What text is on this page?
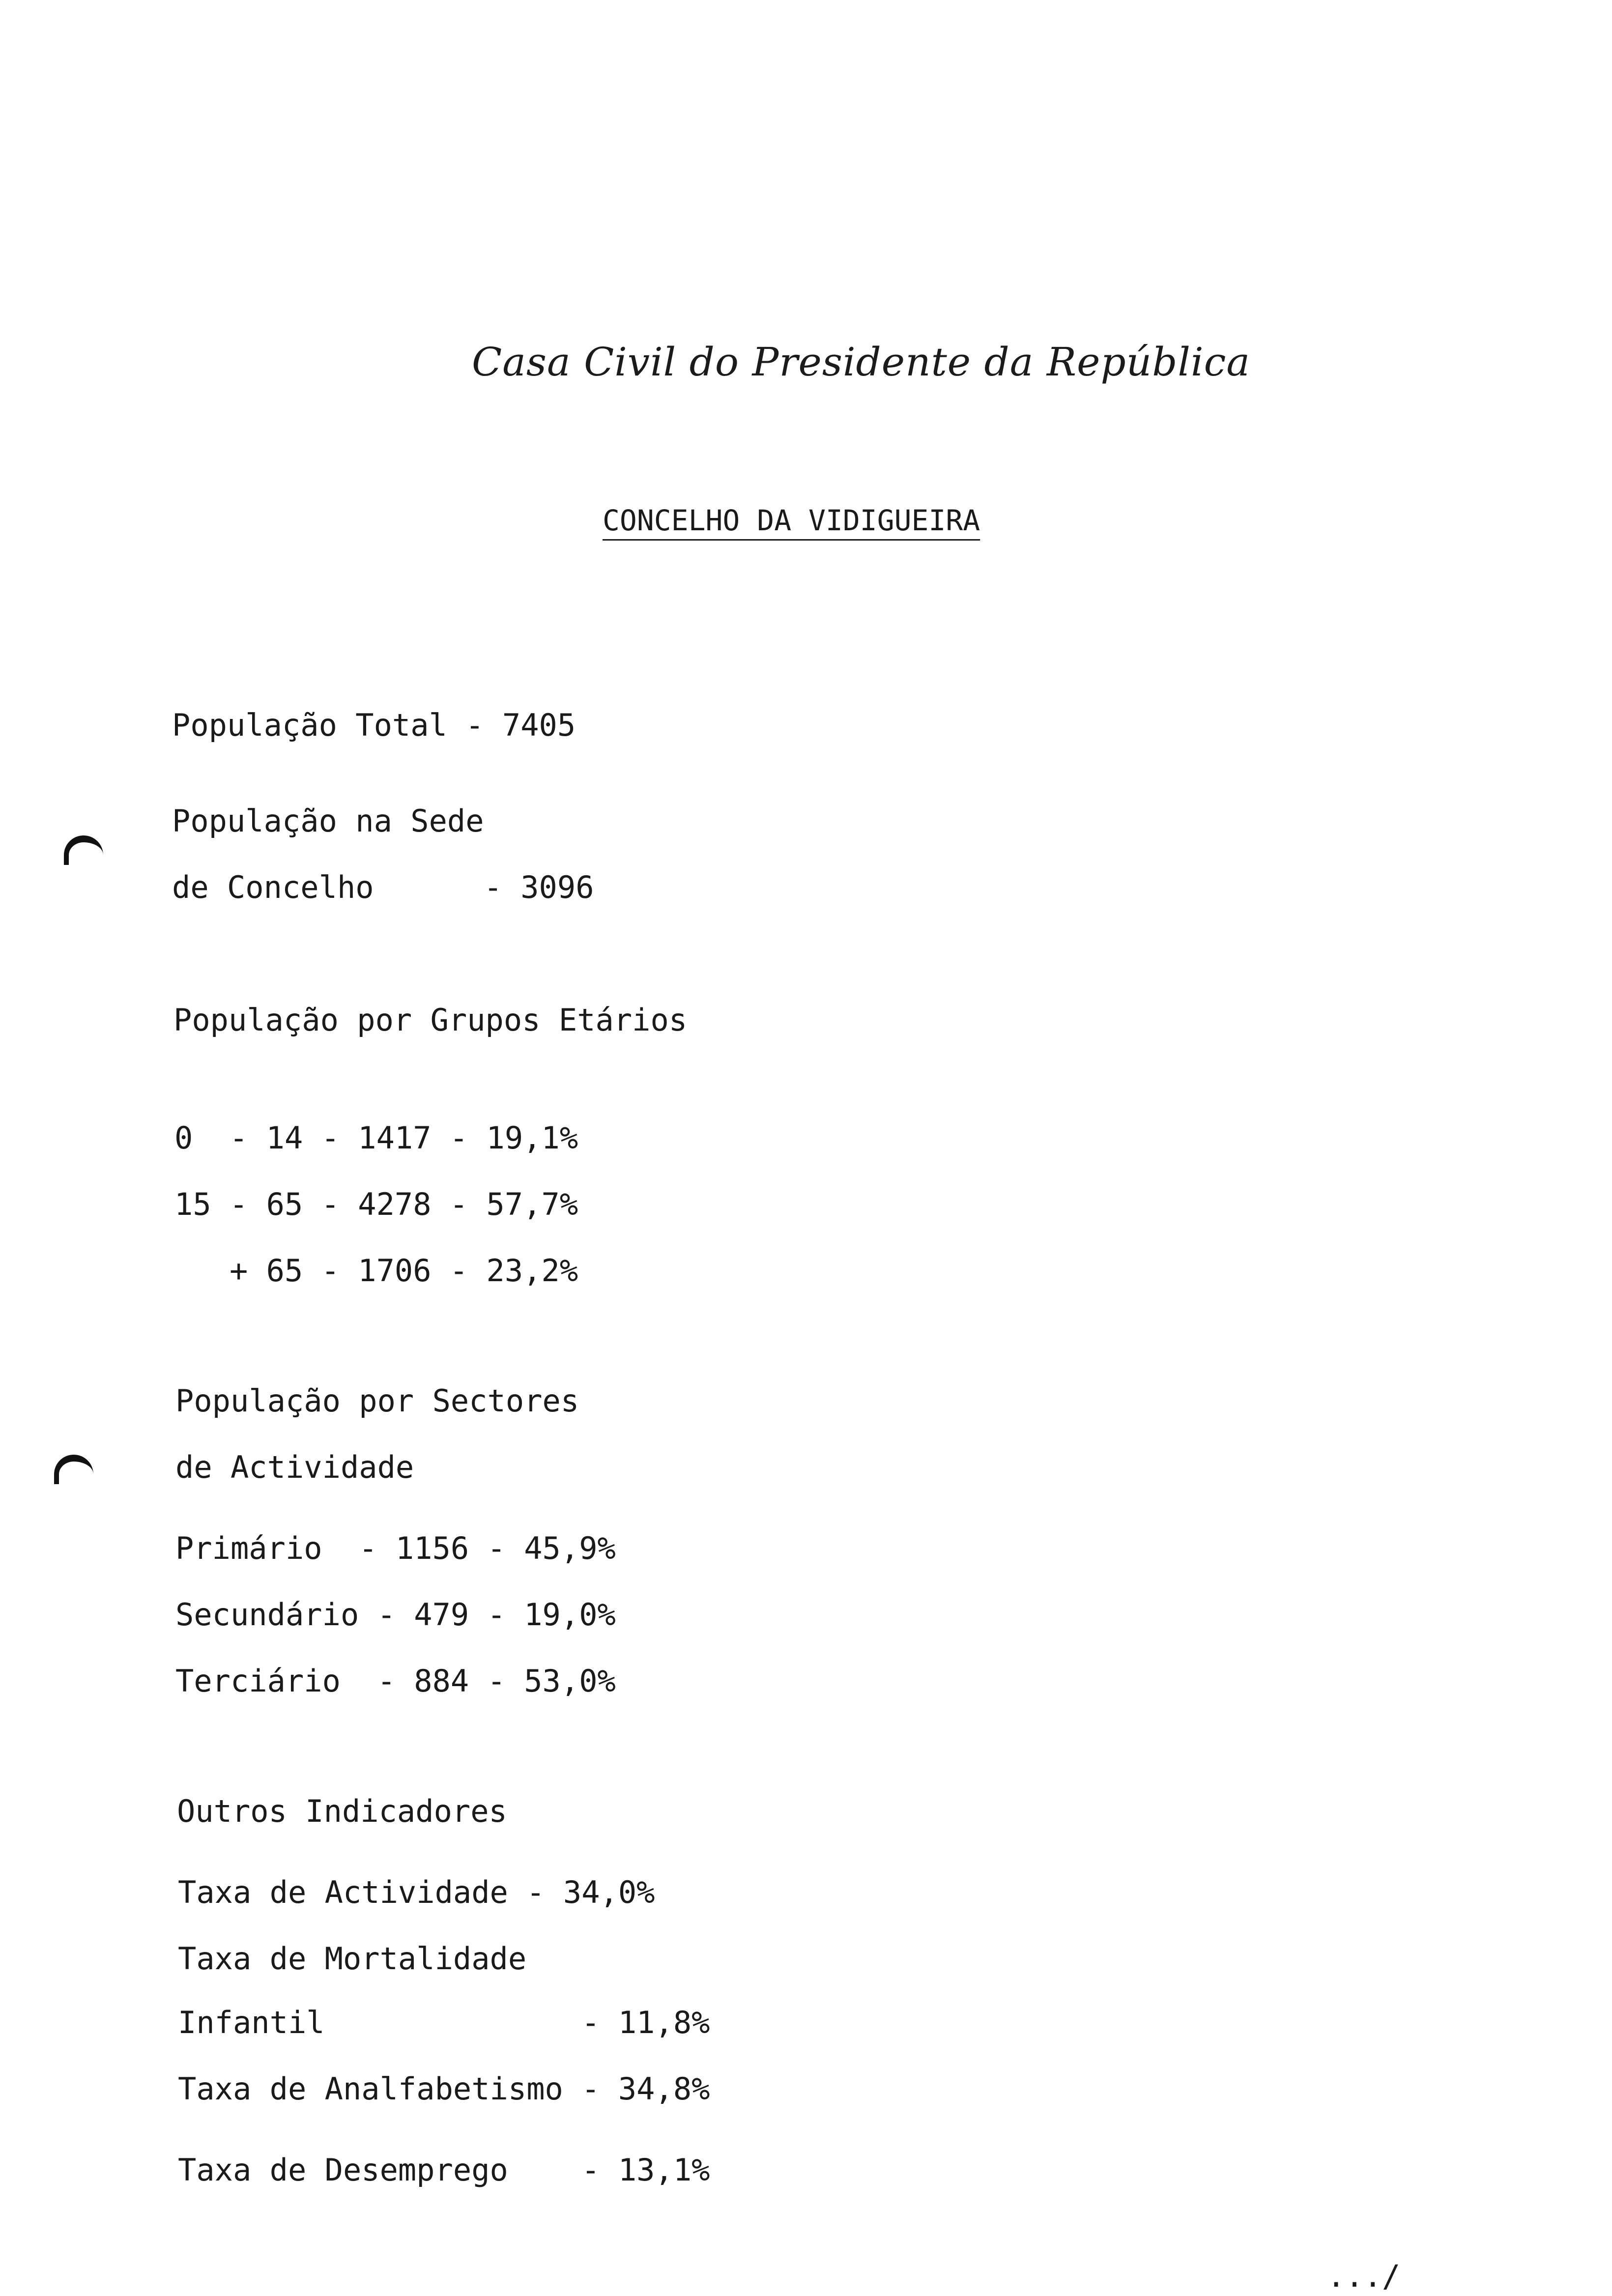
Casa Civil do Presidente da República
CONCELHO DA VIDIGUEIRA
População Total - 7405
População na Sede
de Concelho      - 3096
População por Grupos Etários
0  - 14 - 1417 - 19,1%
15 - 65 - 4278 - 57,7%
+ 65 - 1706 - 23,2%
População por Sectores
de Actividade
Primário  - 1156 - 45,9%
Secundário - 479 - 19,0%
Terciário  - 884 - 53,0%
Outros Indicadores
Taxa de Actividade - 34,0%
Taxa de Mortalidade
Infantil              - 11,8%
Taxa de Analfabetismo - 34,8%
Taxa de Desemprego    - 13,1%
.../
